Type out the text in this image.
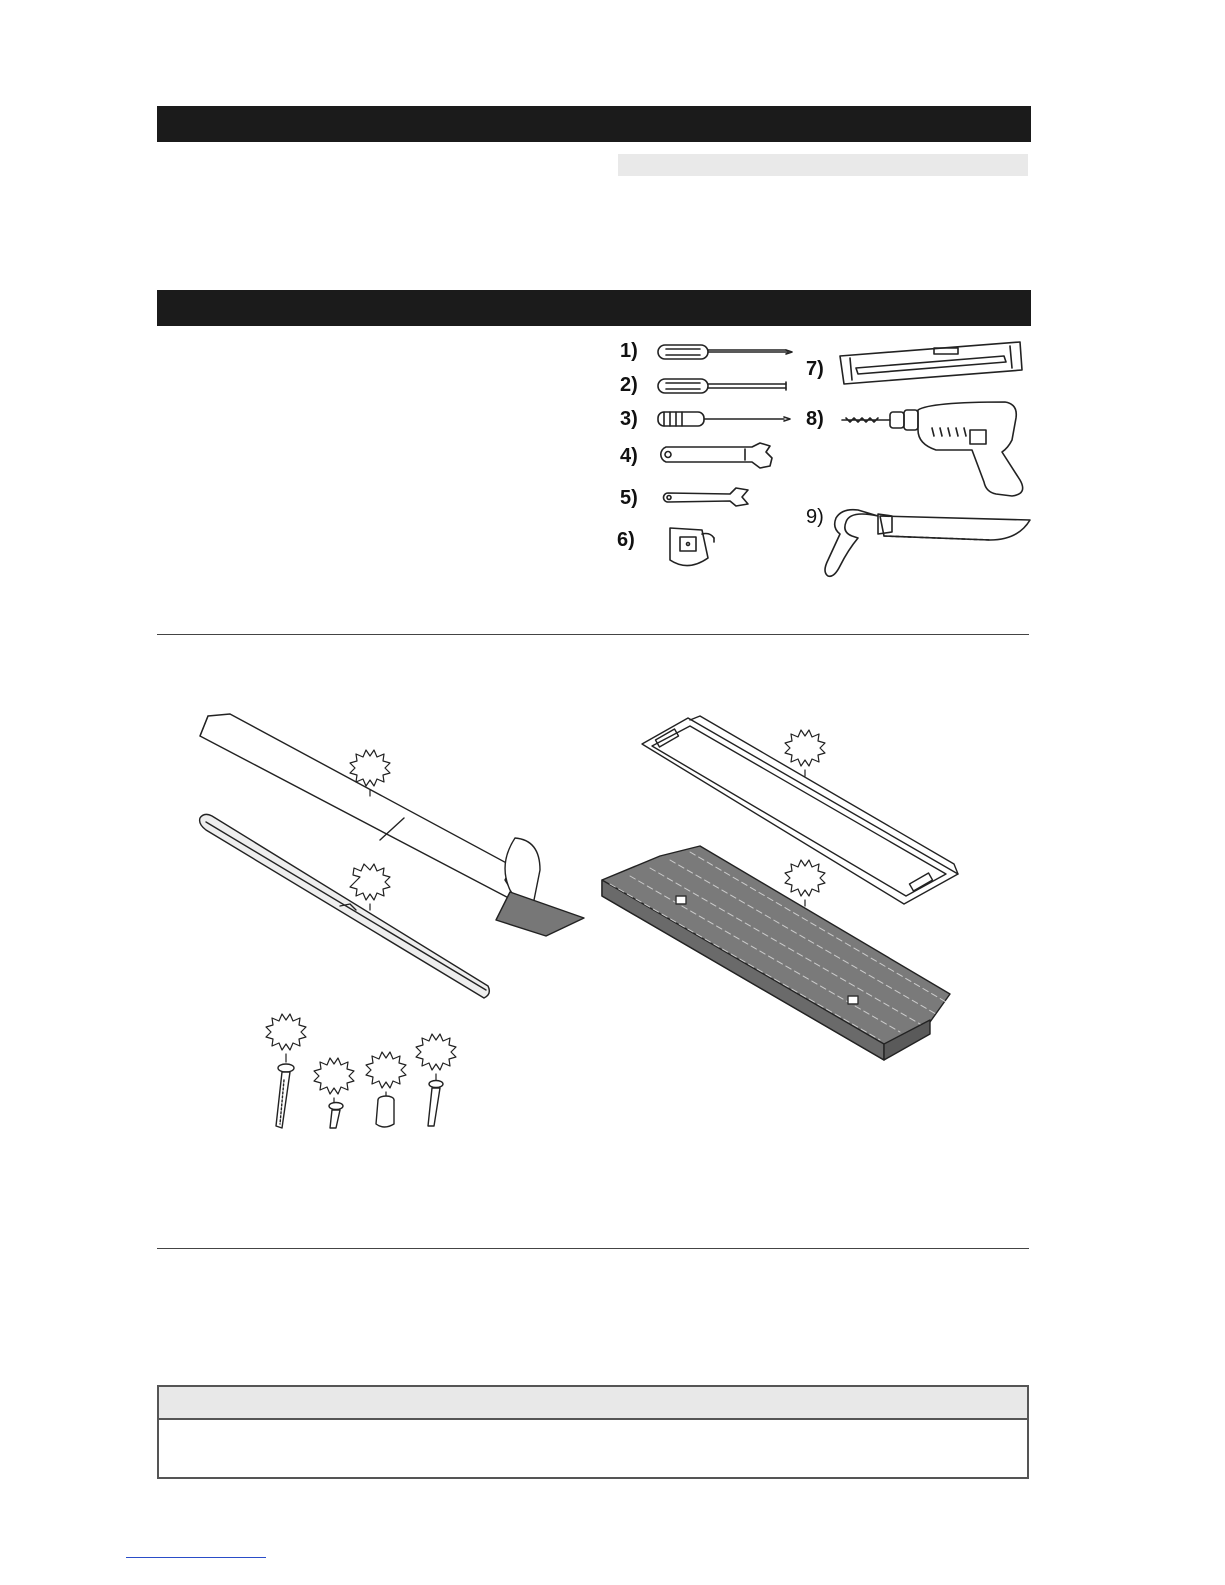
1)
2)
3)
4)
5)
6)
7)
8)
9)
